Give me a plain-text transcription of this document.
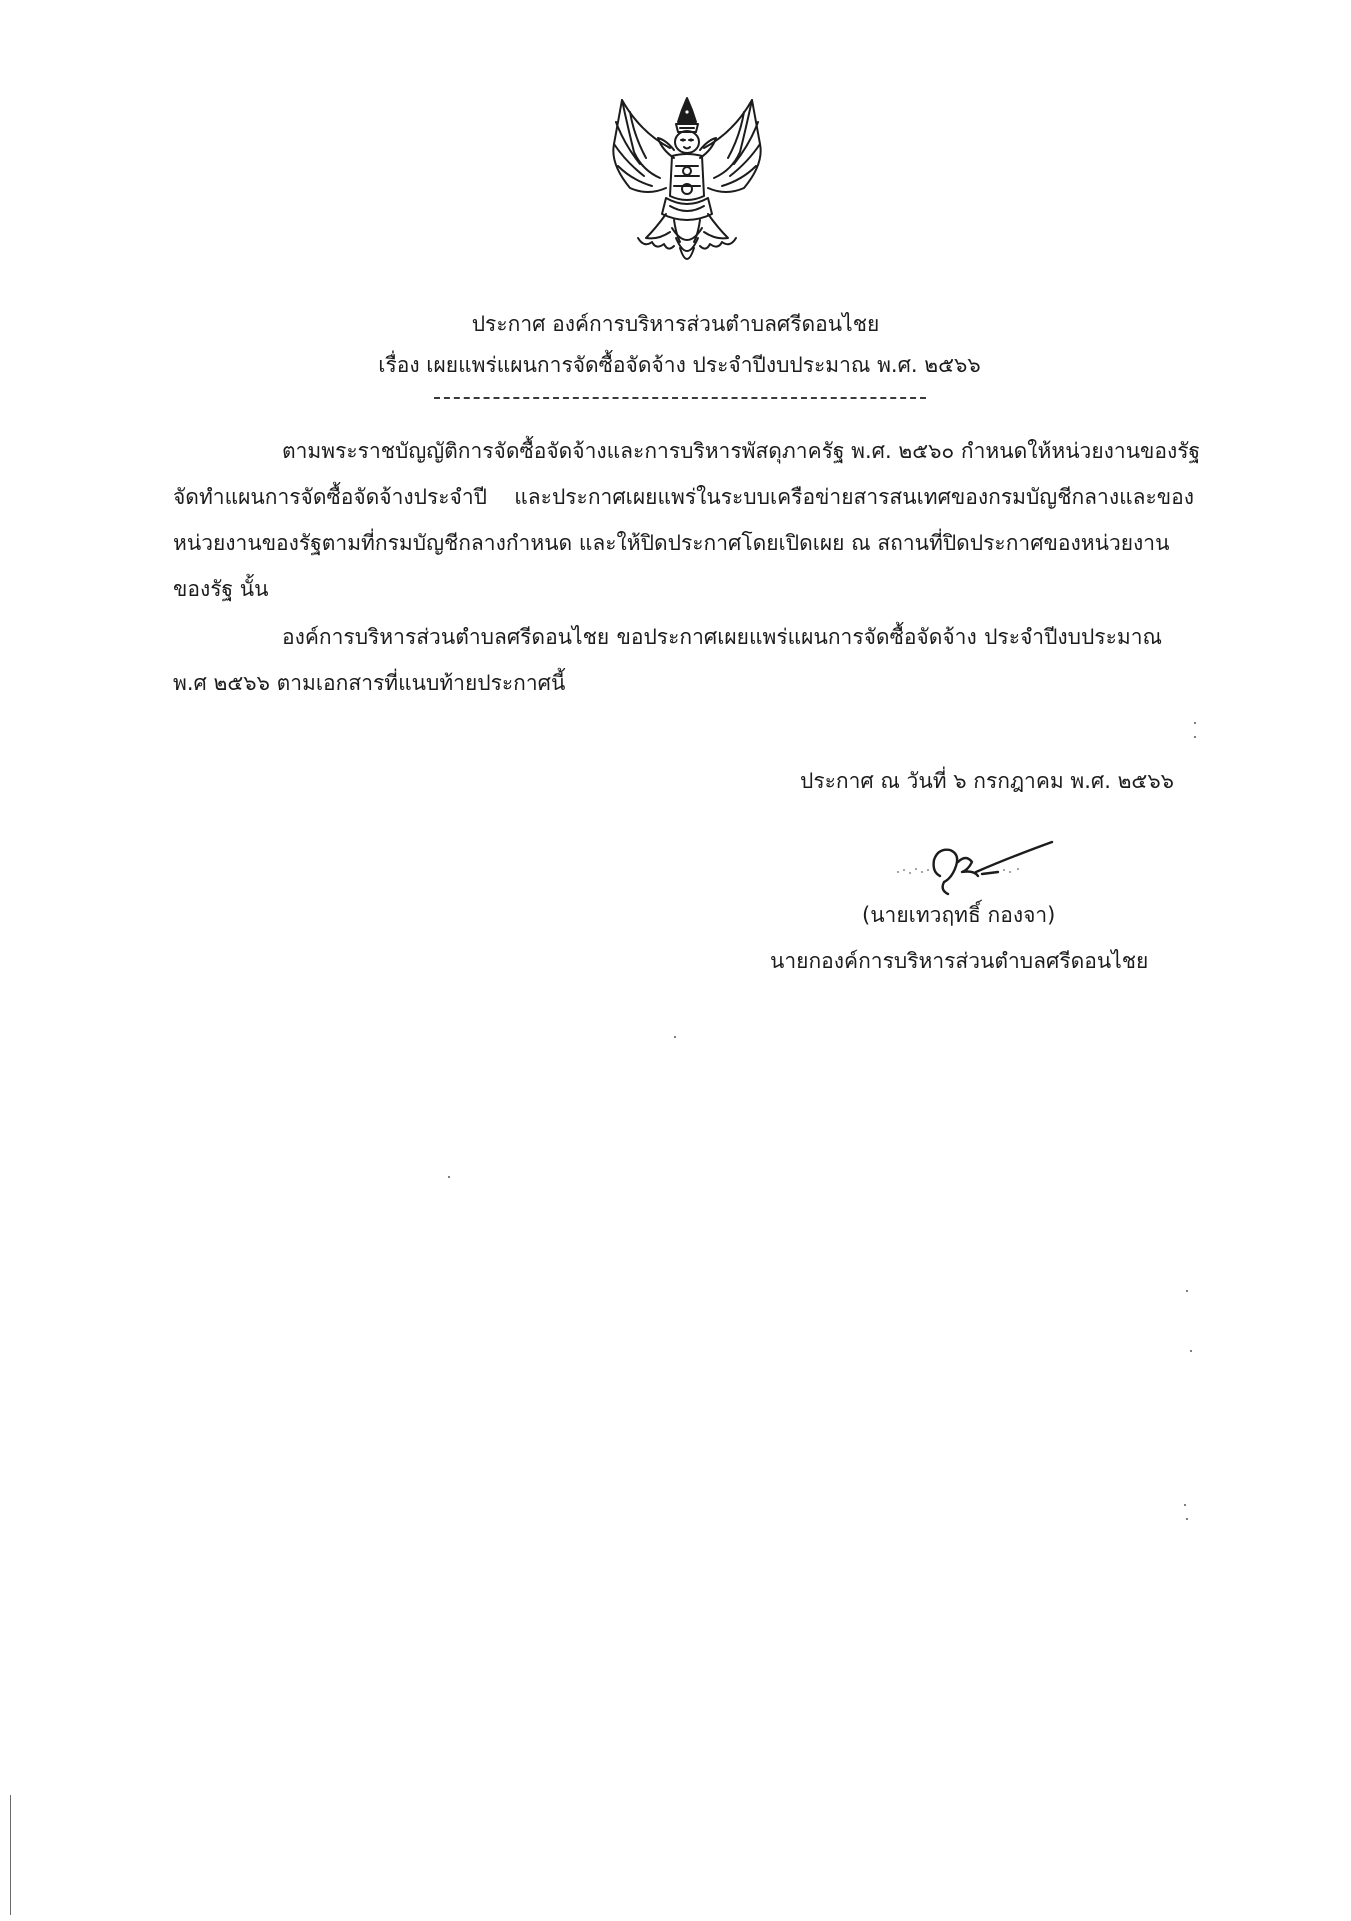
ประกาศ องค์การบริหารส่วนตำบลศรีดอนไชย
เรื่อง เผยแพร่แผนการจัดซื้อจัดจ้าง ประจำปีงบประมาณ พ.ศ. ๒๕๖๖
ตามพระราชบัญญัติการจัดซื้อจัดจ้างและการบริหารพัสดุภาครัฐ พ.ศ. ๒๕๖๐ กำหนดให้หน่วยงานของรัฐ
จัดทำแผนการจัดซื้อจัดจ้างประจำปี และประกาศเผยแพร่ในระบบเครือข่ายสารสนเทศของกรมบัญชีกลางและของ
หน่วยงานของรัฐตามที่กรมบัญชีกลางกำหนด และให้ปิดประกาศโดยเปิดเผย ณ สถานที่ปิดประกาศของหน่วยงาน
ของรัฐ นั้น
องค์การบริหารส่วนตำบลศรีดอนไชย ขอประกาศเผยแพร่แผนการจัดซื้อจัดจ้าง ประจำปีงบประมาณ
พ.ศ ๒๕๖๖ ตามเอกสารที่แนบท้ายประกาศนี้
ประกาศ ณ วันที่ ๖ กรกฎาคม พ.ศ. ๒๕๖๖
(นายเทวฤทธิ์ กองจา)
นายกองค์การบริหารส่วนตำบลศรีดอนไชย
